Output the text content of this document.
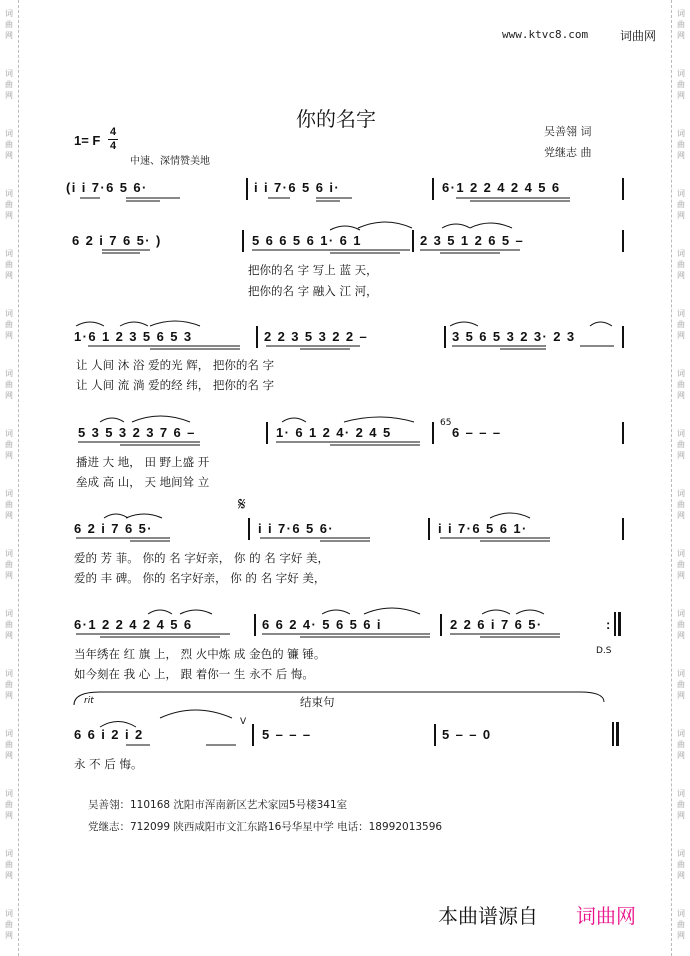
词
曲
网
词
曲
网
词
曲
网
词
曲
网
词
曲
网
词
曲
网
词
曲
网
词
曲
网
词
曲
网
词
曲
网
词
曲
网
词
曲
网
词
曲
网
词
曲
网
词
曲
网
词
曲
网
词
曲
网
词
曲
网
词
曲
网
词
曲
网
词
曲
网
词
曲
网
词
曲
网
词
曲
网
词
曲
网
词
曲
网
词
曲
网
词
曲
网
词
曲
网
词
曲
网
词
曲
网
词
曲
网
www.ktvc8.com	词曲网
你的名字
吴善翎 词
党继志 曲
1= F
4
4
中速、深情赞美地
(i i 7·6 5 6·	i i 7·6 5 6 i·	6·1 2 2 4 2 4 5 6
6 2 i 7 6 5· )	5 6 6 5 6 1· 6 1	2 3 5 1 2 6 5 –
把你的名 字 写上 蓝 天，
把你的名 字 融入 江 河，
1·6 1 2 3 5 6 5 3	2 2 3 5 3 2 2 –	3 5 6 5 3 2 3· 2 3
让 人间 沐 浴 爱的光 辉， 把你的名 字
让 人间 流 淌 爱的经 纬， 把你的名 字
5 3 5 3 2 3 7 6 –	1· 6 1 2 4· 2 4 5
65
6 – – –
播进 大 地， 田 野上盛 开
垒成 高 山， 天 地间耸 立
𝄋
6 2 i 7 6 5·	i i 7·6 5 6·	i i 7·6 5 6 1·
爱的 芳 菲。 你的 名 字好亲， 你 的 名 字好 美，
爱的 丰 碑。 你的 名字好亲， 你 的 名 字好 美，
6·1 2 2 4 2 4 5 6	6 6 2 4· 5 6 5 6 i	2 2 6 i 7 6 5·	:
当年绣在 红 旗 上， 烈 火中炼 成 金色的 镰 锤。
如今刻在 我 心 上， 跟 着你一 生 永不 后 悔。
D.S
rit	结束句
6 6 i 2 i 2
V
5 – – –	5 – – 0
永 不 后 悔。
吴善翎：110168 沈阳市浑南新区艺术家园5号楼341室
党继志：712099 陕西咸阳市文汇东路16号华星中学 电话：18992013596
本曲谱源自 词曲网
